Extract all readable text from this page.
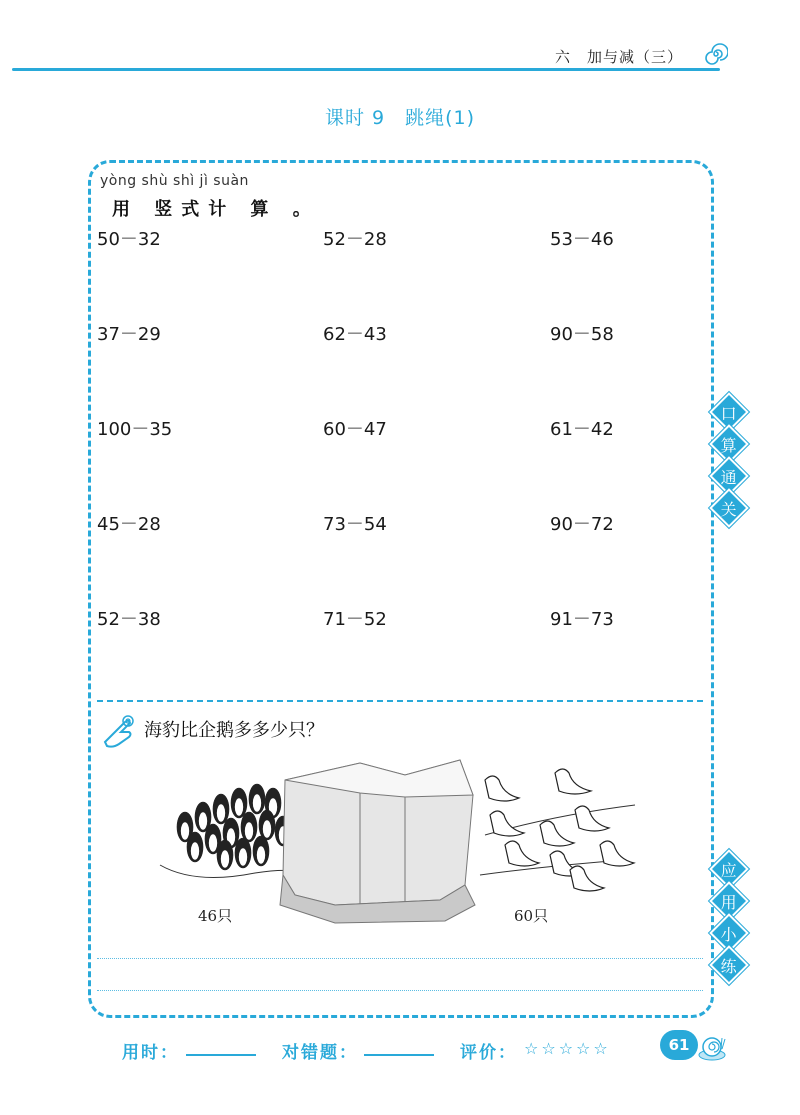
六　加与减（三）
课时 9　跳绳(1)
yòng shù shì jì suàn
用 竖式计 算 。
50－32	52－28	53－46
37－29	62－43	90－58
100－35	60－47	61－42
45－28	73－54	90－72
52－38	71－52	91－73
口
算
通
关
应
用
小
练
海豹比企鹅多多少只？
46只	60只
用时：	对错题：	评价： ☆☆☆☆☆	61
